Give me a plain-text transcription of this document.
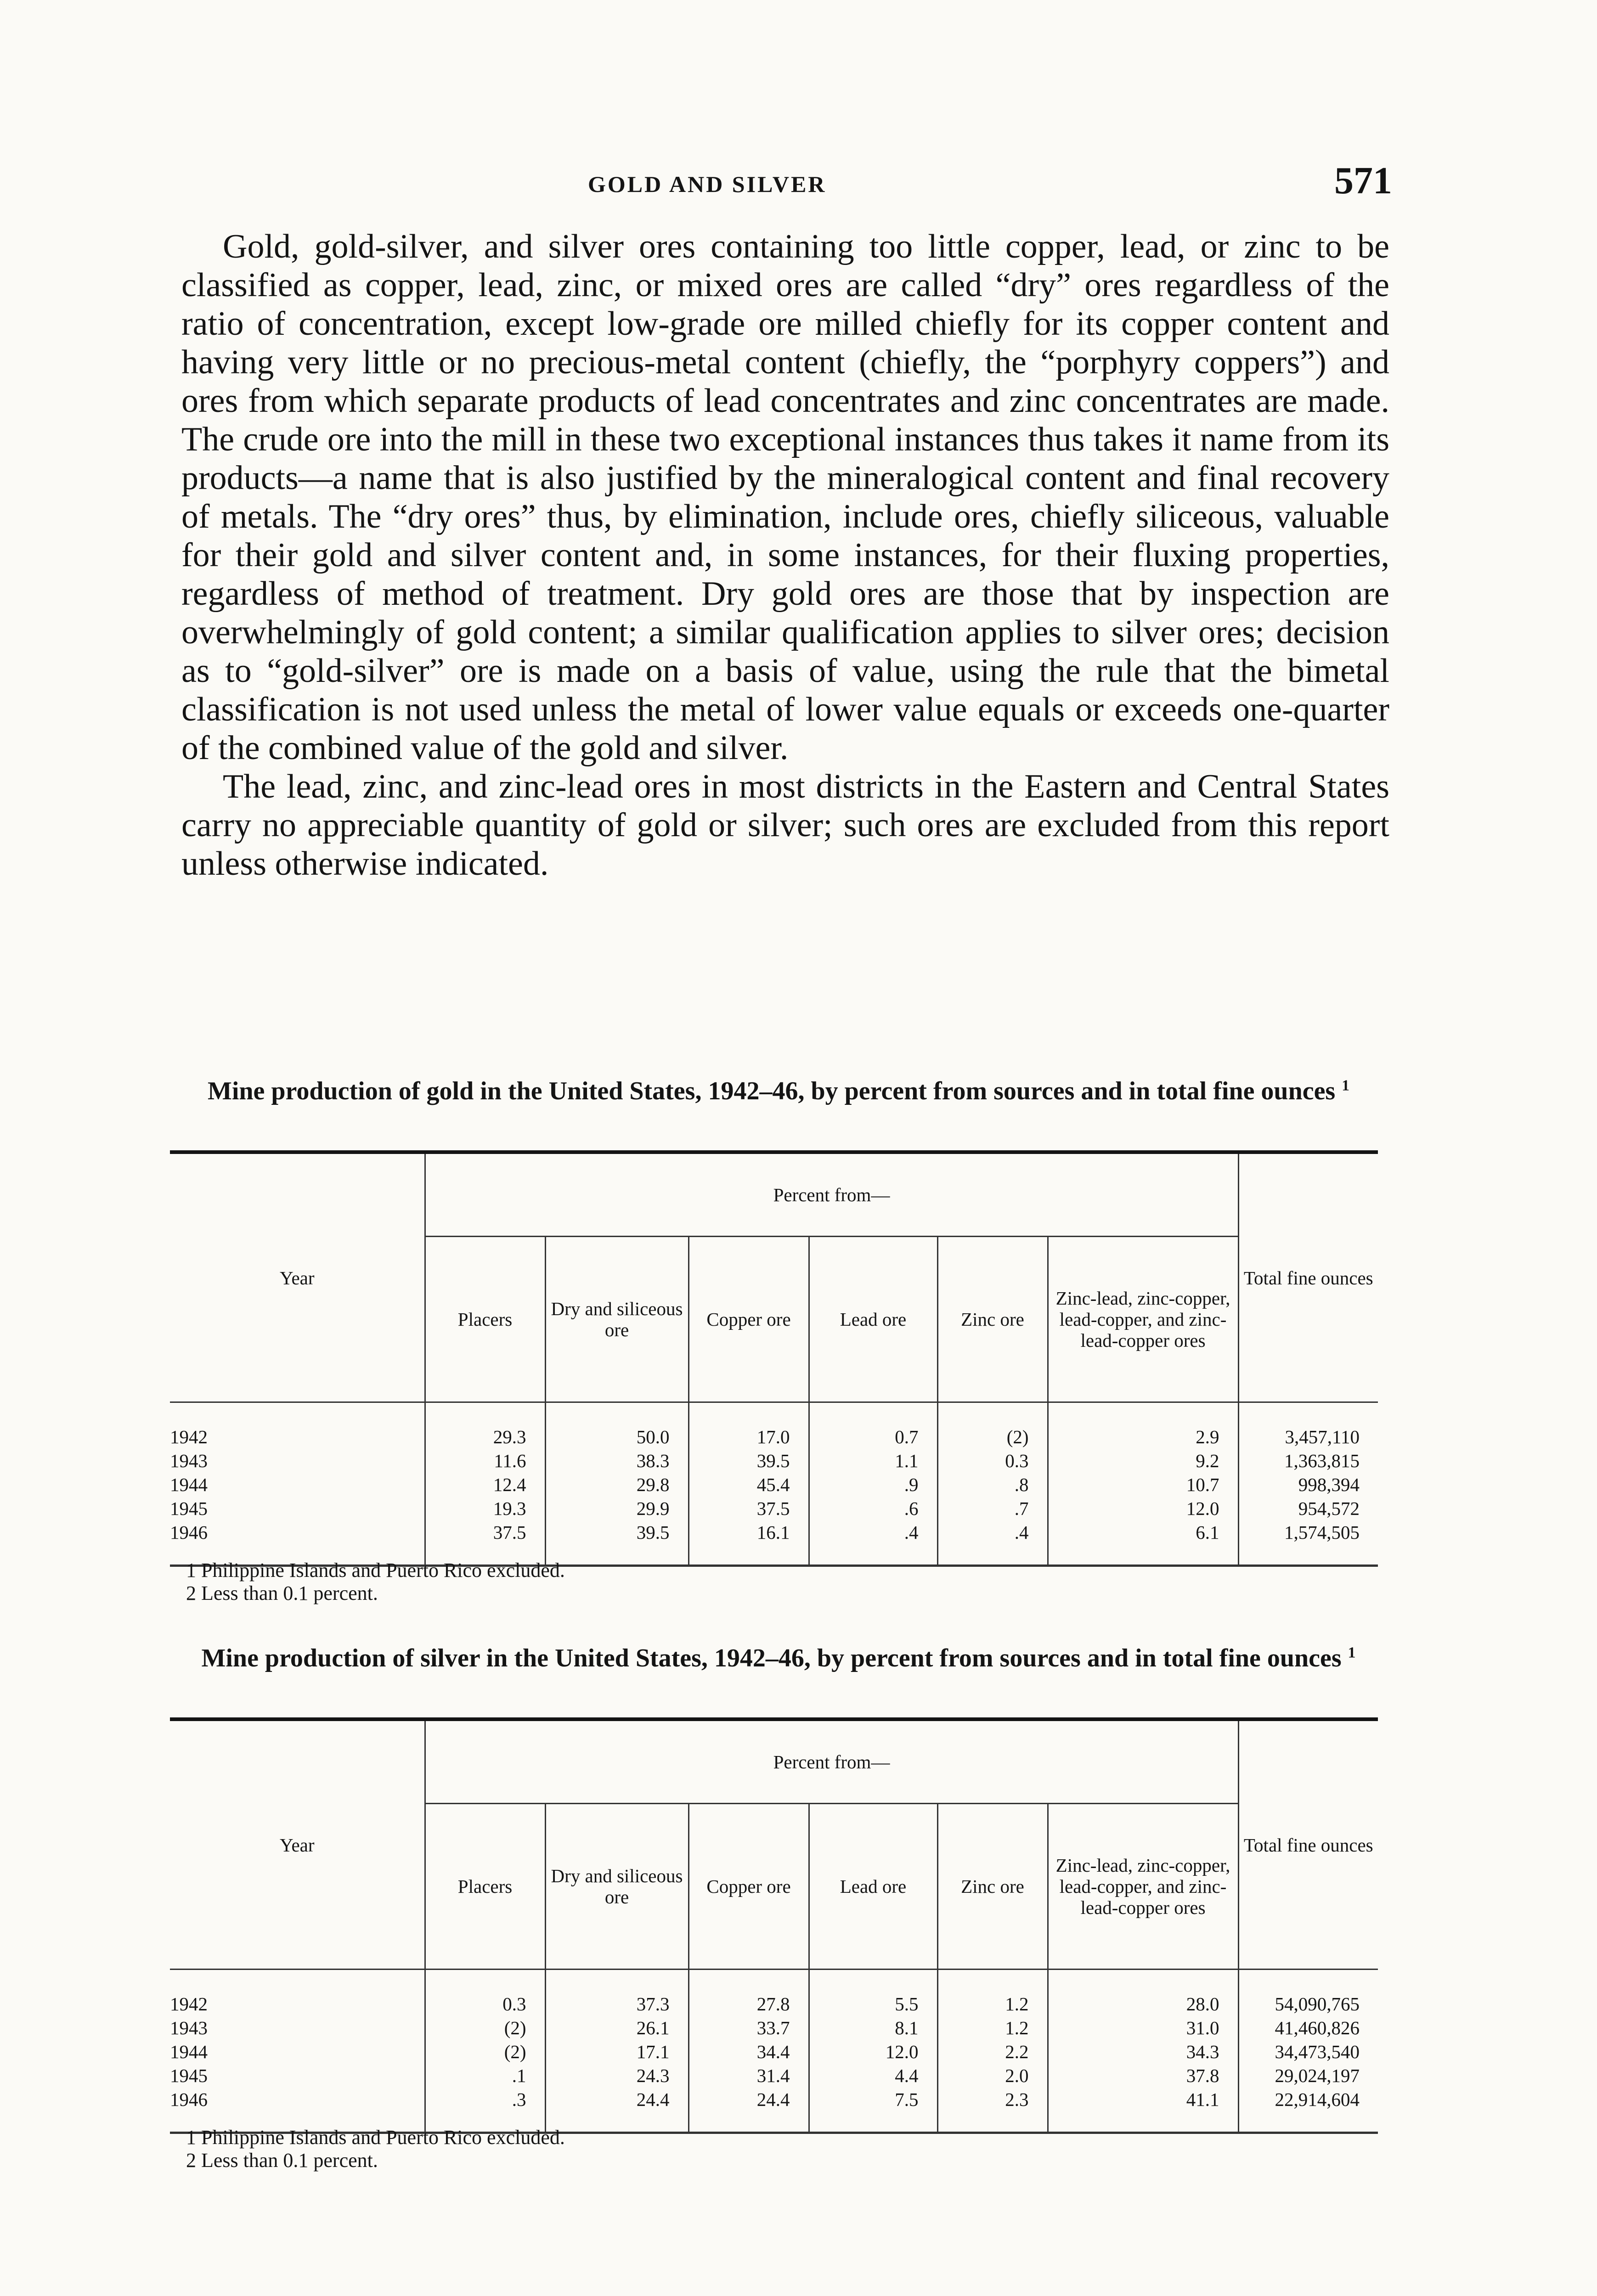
GOLD AND SILVER	571

Gold, gold-silver, and silver ores containing too little copper, lead, or zinc to be classified as copper, lead, zinc, or mixed ores are called “dry” ores regardless of the ratio of concentration, except low-grade ore milled chiefly for its copper content and having very little or no precious-metal content (chiefly, the “porphyry coppers”) and ores from which separate products of lead concentrates and zinc concentrates are made. The crude ore into the mill in these two exceptional instances thus takes it name from its products—a name that is also justified by the mineralogical content and final recovery of metals. The “dry ores” thus, by elimination, include ores, chiefly siliceous, valuable for their gold and silver content and, in some instances, for their fluxing properties, regardless of method of treatment. Dry gold ores are those that by inspection are overwhelmingly of gold content; a similar qualification applies to silver ores; decision as to “gold-silver” ore is made on a basis of value, using the rule that the bimetal classification is not used unless the metal of lower value equals or exceeds one-quarter of the combined value of the gold and silver.

The lead, zinc, and zinc-lead ores in most districts in the Eastern and Central States carry no appreciable quantity of gold or silver; such ores are excluded from this report unless otherwise indicated.

Mine production of gold in the United States, 1942–46, by percent from sources and in total fine ounces $^1$
Year	Percent from—						Total fine ounces
	Placers	Dry and siliceous ore	Copper ore	Lead ore	Zinc ore	Zinc-lead, zinc-copper, lead-copper, and zinc-lead-copper ores	

1942	29.3	50.0	17.0	0.7	(2)	2.9	3,457,110
1943	11.6	38.3	39.5	1.1	0.3	9.2	1,363,815
1944	12.4	29.8	45.4	.9	.8	10.7	998,394
1945	19.3	29.9	37.5	.6	.7	12.0	954,572
1946	37.5	39.5	16.1	.4	.4	6.1	1,574,505

1 Philippine Islands and Puerto Rico excluded.
2 Less than 0.1 percent.
Mine production of silver in the United States, 1942–46, by percent from sources and in total fine ounces $^1$
Year	Percent from—						Total fine ounces
	Placers	Dry and siliceous ore	Copper ore	Lead ore	Zinc ore	Zinc-lead, zinc-copper, lead-copper, and zinc-lead-copper ores	

1942	0.3	37.3	27.8	5.5	1.2	28.0	54,090,765
1943	(2)	26.1	33.7	8.1	1.2	31.0	41,460,826
1944	(2)	17.1	34.4	12.0	2.2	34.3	34,473,540
1945	.1	24.3	31.4	4.4	2.0	37.8	29,024,197
1946	.3	24.4	24.4	7.5	2.3	41.1	22,914,604

1 Philippine Islands and Puerto Rico excluded.
2 Less than 0.1 percent.
